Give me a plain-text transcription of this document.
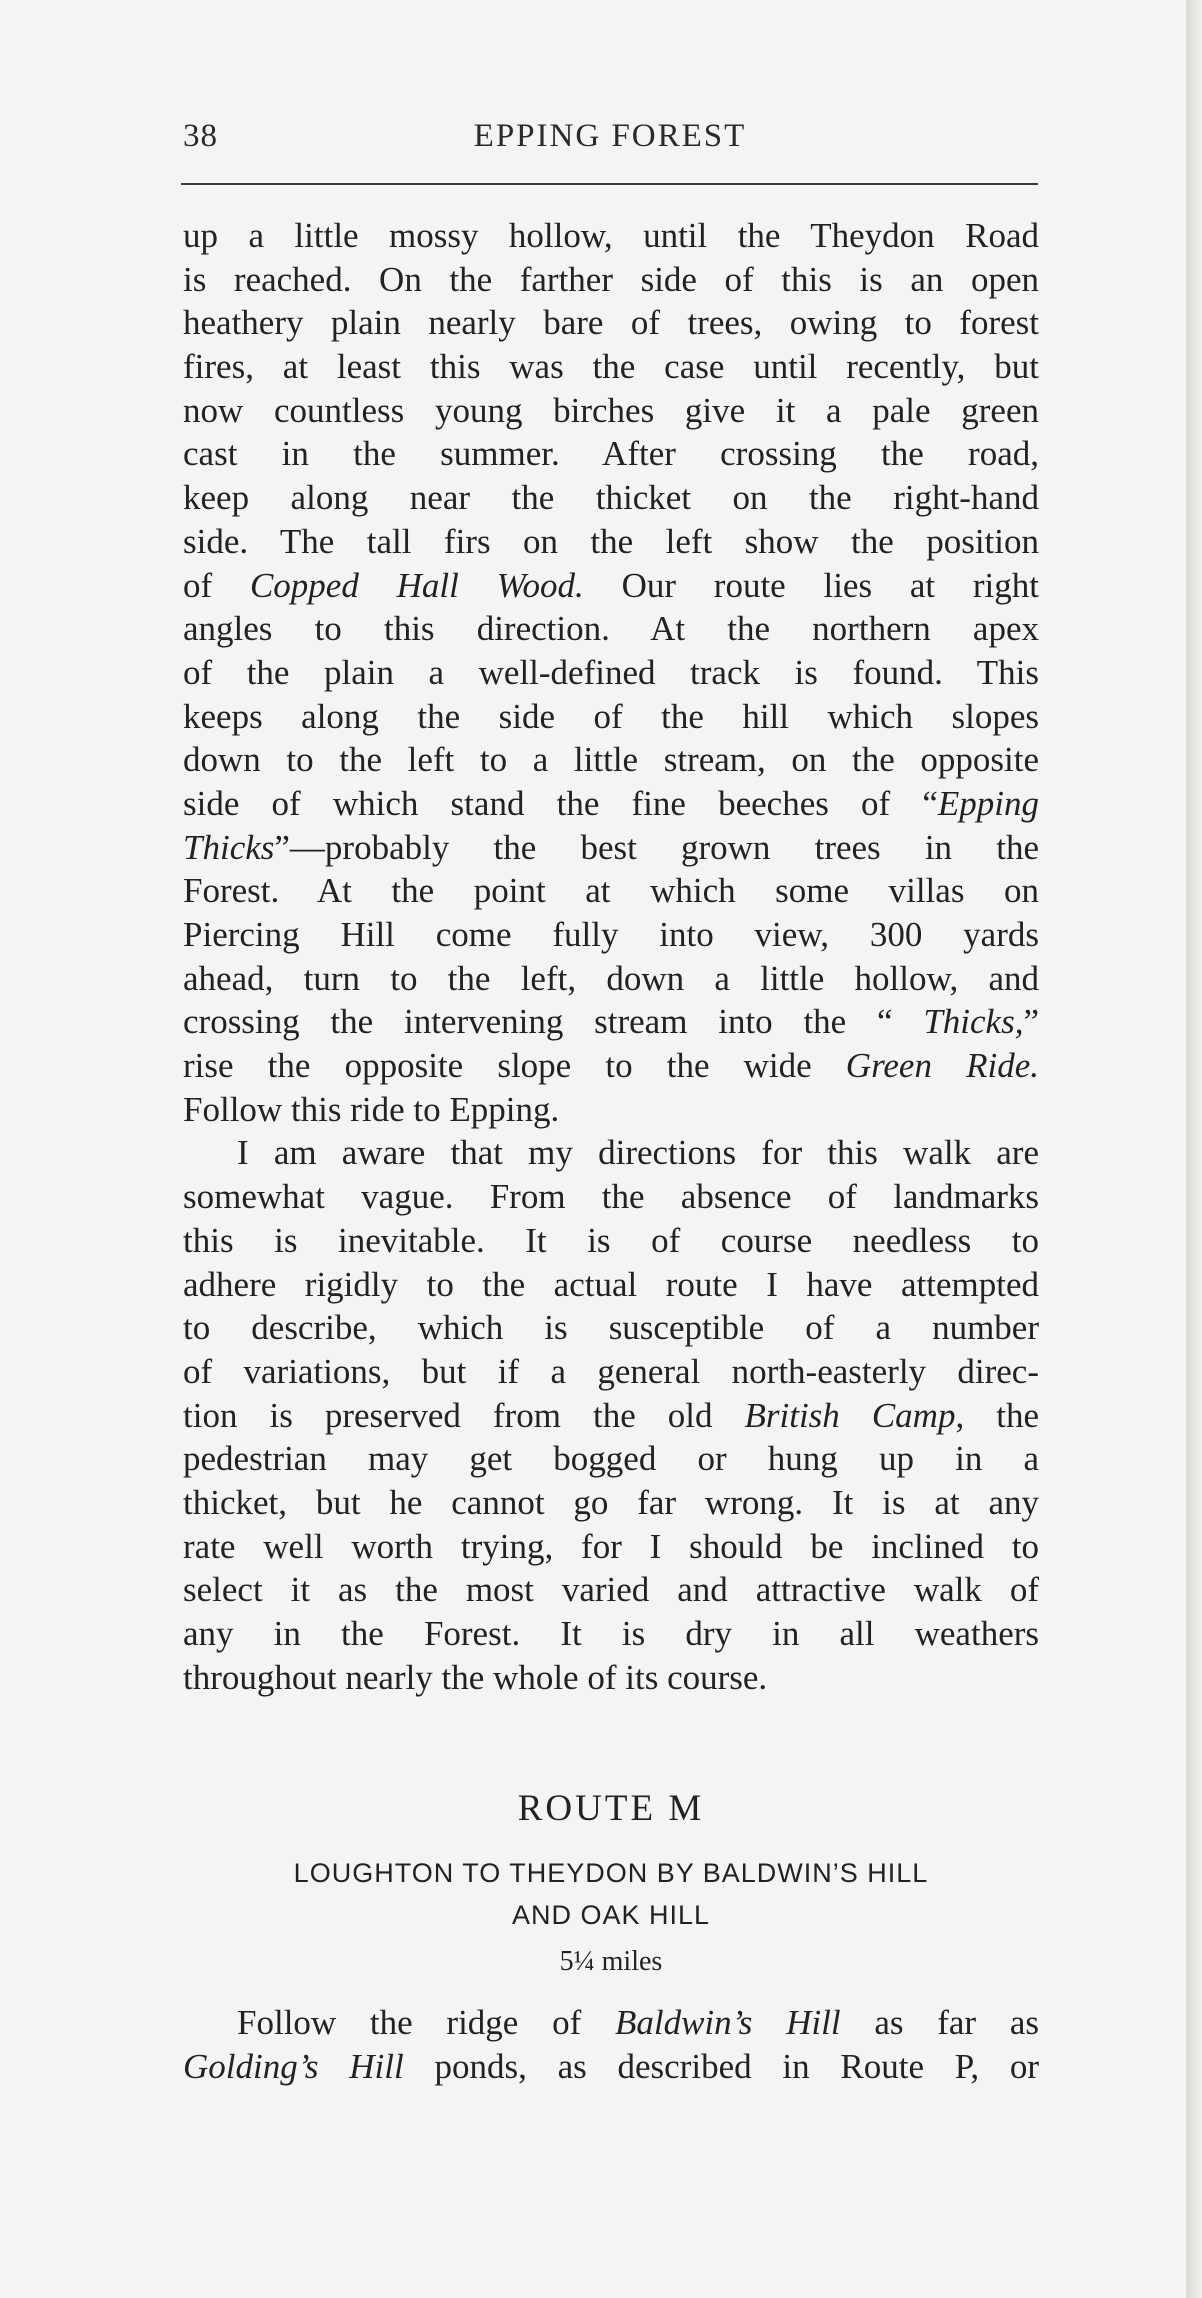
38	EPPING FOREST
up a little mossy hollow, until the Theydon Road
is reached. On the farther side of this is an open
heathery plain nearly bare of trees, owing to forest
fires, at least this was the case until recently, but
now countless young birches give it a pale green
cast in the summer. After crossing the road,
keep along near the thicket on the right-hand
side. The tall firs on the left show the position
of Copped Hall Wood. Our route lies at right
angles to this direction. At the northern apex
of the plain a well-defined track is found. This
keeps along the side of the hill which slopes
down to the left to a little stream, on the opposite
side of which stand the fine beeches of “Epping
Thicks”—probably the best grown trees in the
Forest. At the point at which some villas on
Piercing Hill come fully into view, 300 yards
ahead, turn to the left, down a little hollow, and
crossing the intervening stream into the “ Thicks,”
rise the opposite slope to the wide Green Ride.
Follow this ride to Epping.
I am aware that my directions for this walk are
somewhat vague. From the absence of landmarks
this is inevitable. It is of course needless to
adhere rigidly to the actual route I have attempted
to describe, which is susceptible of a number
of variations, but if a general north-easterly direc-
tion is preserved from the old British Camp, the
pedestrian may get bogged or hung up in a
thicket, but he cannot go far wrong. It is at any
rate well worth trying, for I should be inclined to
select it as the most varied and attractive walk of
any in the Forest. It is dry in all weathers
throughout nearly the whole of its course.
ROUTE M
LOUGHTON TO THEYDON BY BALDWIN’S HILL
AND OAK HILL
5¼ miles
Follow the ridge of Baldwin’s Hill as far as
Golding’s Hill ponds, as described in Route P, or
